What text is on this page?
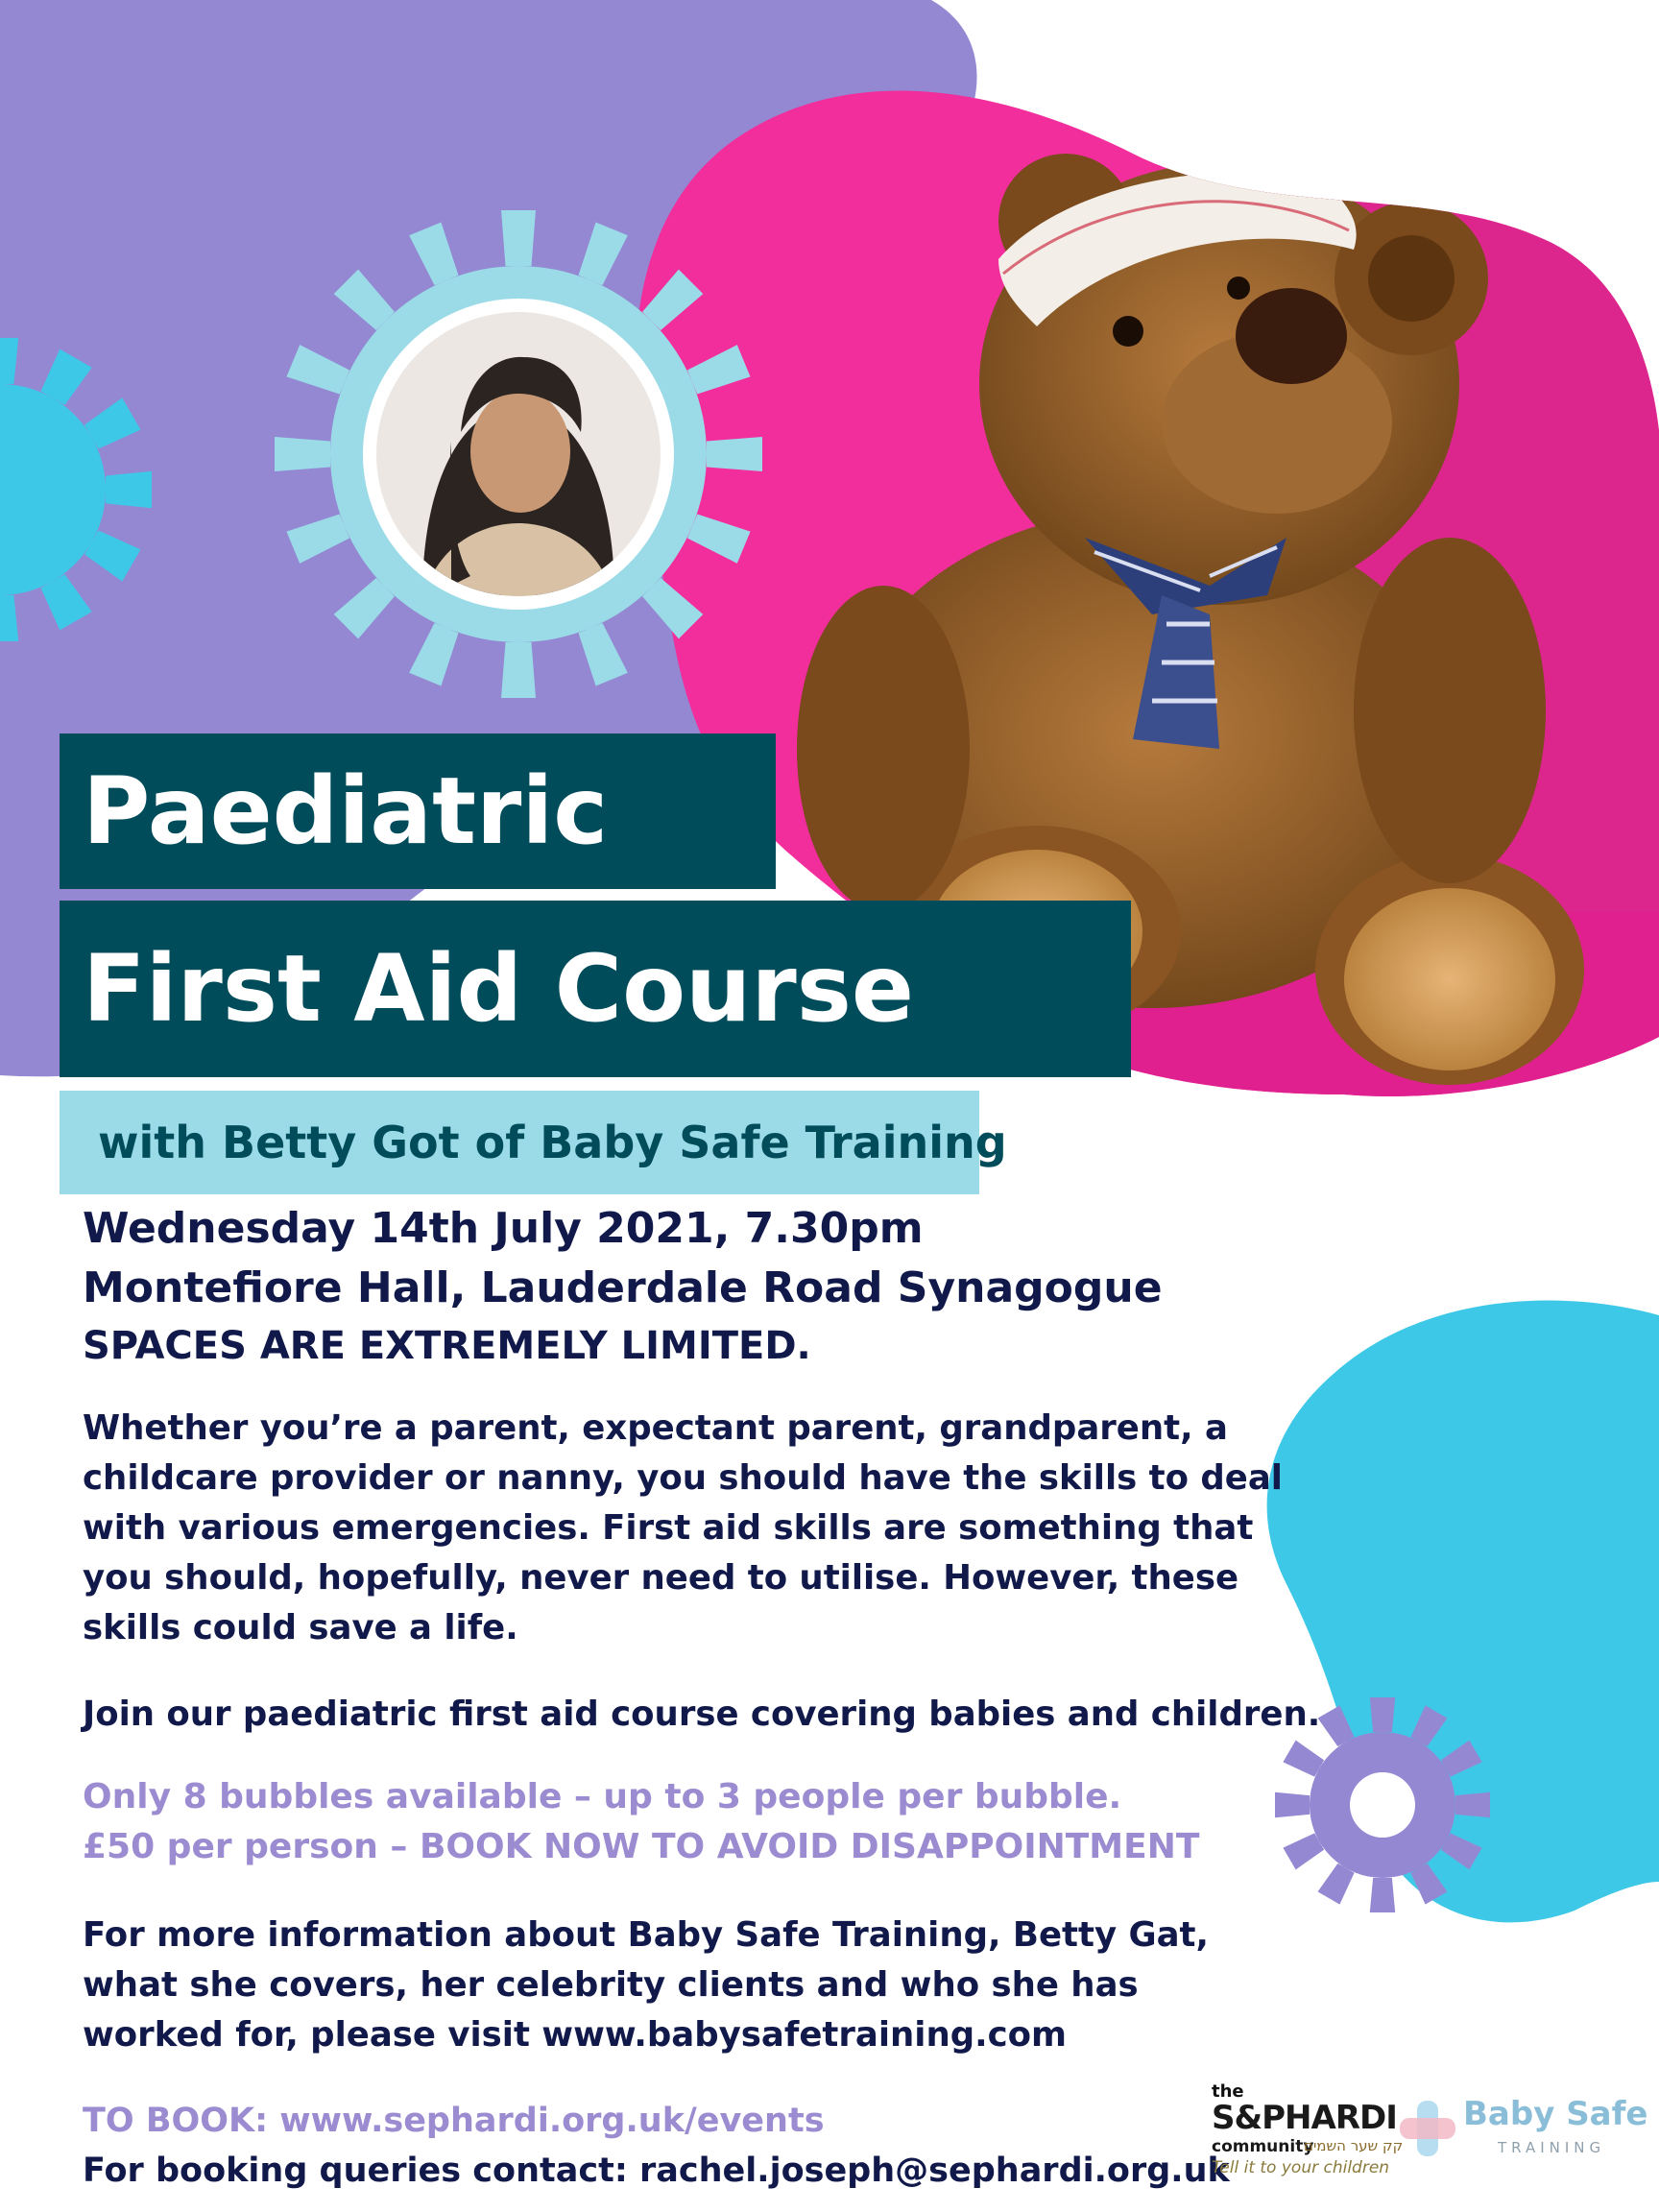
Paediatric
First Aid Course
with Betty Got of Baby Safe Training

Wednesday 14th July 2021, 7.30pm

Montefiore Hall, Lauderdale Road Synagogue

SPACES ARE EXTREMELY LIMITED.

Whether you’re a parent, expectant parent, grandparent, a childcare provider or nanny, you should have the skills to deal with various emergencies. First aid skills are something that you should, hopefully, never need to utilise. However, these skills could save a life.

Join our paediatric first aid course covering babies and children.

Only 8 bubbles available – up to 3 people per bubble.

£50 per person – BOOK NOW TO AVOID DISAPPOINTMENT

For more information about Baby Safe Training, Betty Gat, what she covers, her celebrity clients and who she has worked for, please visit www.babysafetraining.com

TO BOOK: www.sephardi.org.uk/events

For booking queries contact: rachel.joseph@sephardi.org.uk

the
S&PHARDI
community
קק שער השמים
Tell it to your children
Baby Safe
TRAINING
